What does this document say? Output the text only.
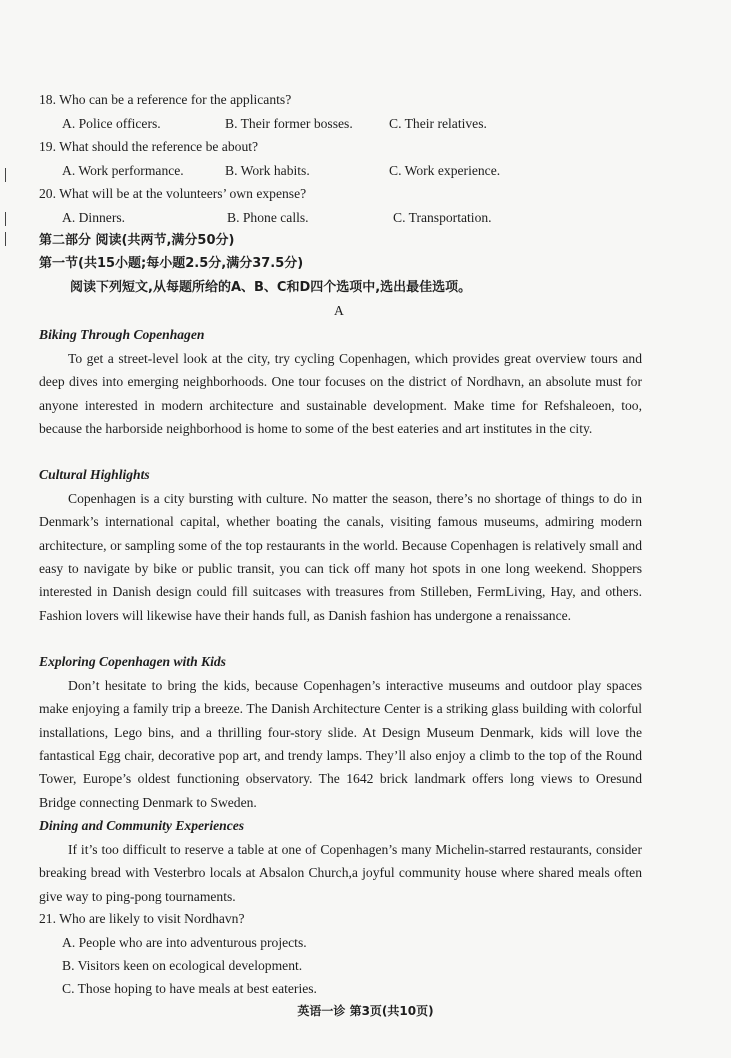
18. Who can be a reference for the applicants?
A. Police officers.	B. Their former bosses.	C. Their relatives.
19. What should the reference be about?
A. Work performance.	B. Work habits.	C. Work experience.
20. What will be at the volunteers’ own expense?
A. Dinners.	B. Phone calls.	C. Transportation.
第二部分 阅读(共两节,满分50分)
第一节(共15小题;每小题2.5分,满分37.5分)
阅读下列短文,从每题所给的A、B、C和D四个选项中,选出最佳选项。
A
Biking Through Copenhagen
To get a street-level look at the city, try cycling Copenhagen, which provides great overview tours and deep dives into emerging neighborhoods. One tour focuses on the district of Nordhavn, an absolute must for anyone interested in modern architecture and sustainable development. Make time for Refshaleoen, too, because the harborside neighborhood is home to some of the best eateries and art institutes in the city.
Cultural Highlights
Copenhagen is a city bursting with culture. No matter the season, there’s no shortage of things to do in Denmark’s international capital, whether boating the canals, visiting famous museums, admiring modern architecture, or sampling some of the top restaurants in the world. Because Copenhagen is relatively small and easy to navigate by bike or public transit, you can tick off many hot spots in one long weekend. Shoppers interested in Danish design could fill suitcases with treasures from Stilleben, FermLiving, Hay, and others. Fashion lovers will likewise have their hands full, as Danish fashion has undergone a renaissance.
Exploring Copenhagen with Kids
Don’t hesitate to bring the kids, because Copenhagen’s interactive museums and outdoor play spaces make enjoying a family trip a breeze. The Danish Architecture Center is a striking glass building with colorful installations, Lego bins, and a thrilling four-story slide. At Design Museum Denmark, kids will love the fantastical Egg chair, decorative pop art, and trendy lamps. They’ll also enjoy a climb to the top of the Round Tower, Europe’s oldest functioning observatory. The 1642 brick landmark offers long views to Oresund Bridge connecting Denmark to Sweden.
Dining and Community Experiences
If it’s too difficult to reserve a table at one of Copenhagen’s many Michelin-starred restaurants, consider breaking bread with Vesterbro locals at Absalon Church,a joyful community house where shared meals often give way to ping-pong tournaments.
21. Who are likely to visit Nordhavn?
A. People who are into adventurous projects.
B. Visitors keen on ecological development.
C. Those hoping to have meals at best eateries.
英语一诊 第3页(共10页)
